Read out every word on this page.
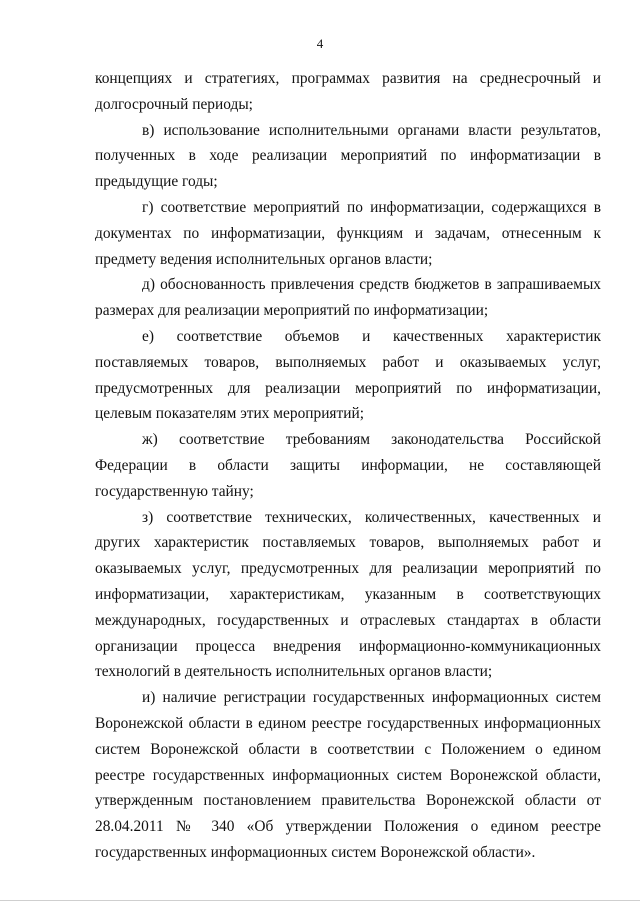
4

концепциях и стратегиях, программах развития на среднесрочный и долгосрочный периоды;

в) использование исполнительными органами власти результатов, полученных в ходе реализации мероприятий по информатизации в предыдущие годы;

г) соответствие мероприятий по информатизации, содержащихся в документах по информатизации, функциям и задачам, отнесенным к предмету ведения исполнительных органов власти;

д) обоснованность привлечения средств бюджетов в запрашиваемых размерах для реализации мероприятий по информатизации;

е) соответствие объемов и качественных характеристик поставляемых товаров, выполняемых работ и оказываемых услуг, предусмотренных для реализации мероприятий по информатизации, целевым показателям этих мероприятий;

ж) соответствие требованиям законодательства Российской Федерации в области защиты информации, не составляющей государственную тайну;

з) соответствие технических, количественных, качественных и других характеристик поставляемых товаров, выполняемых работ и оказываемых услуг, предусмотренных для реализации мероприятий по информатизации, характеристикам, указанным в соответствующих международных, государственных и отраслевых стандартах в области организации процесса внедрения информационно-коммуникационных технологий в деятельность исполнительных органов власти;

и) наличие регистрации государственных информационных систем Воронежской области в едином реестре государственных информационных систем Воронежской области в соответствии с Положением о едином реестре государственных информационных систем Воронежской области, утвержденным постановлением правительства Воронежской области от 28.04.2011 № 340 «Об утверждении Положения о едином реестре государственных информационных систем Воронежской области».
